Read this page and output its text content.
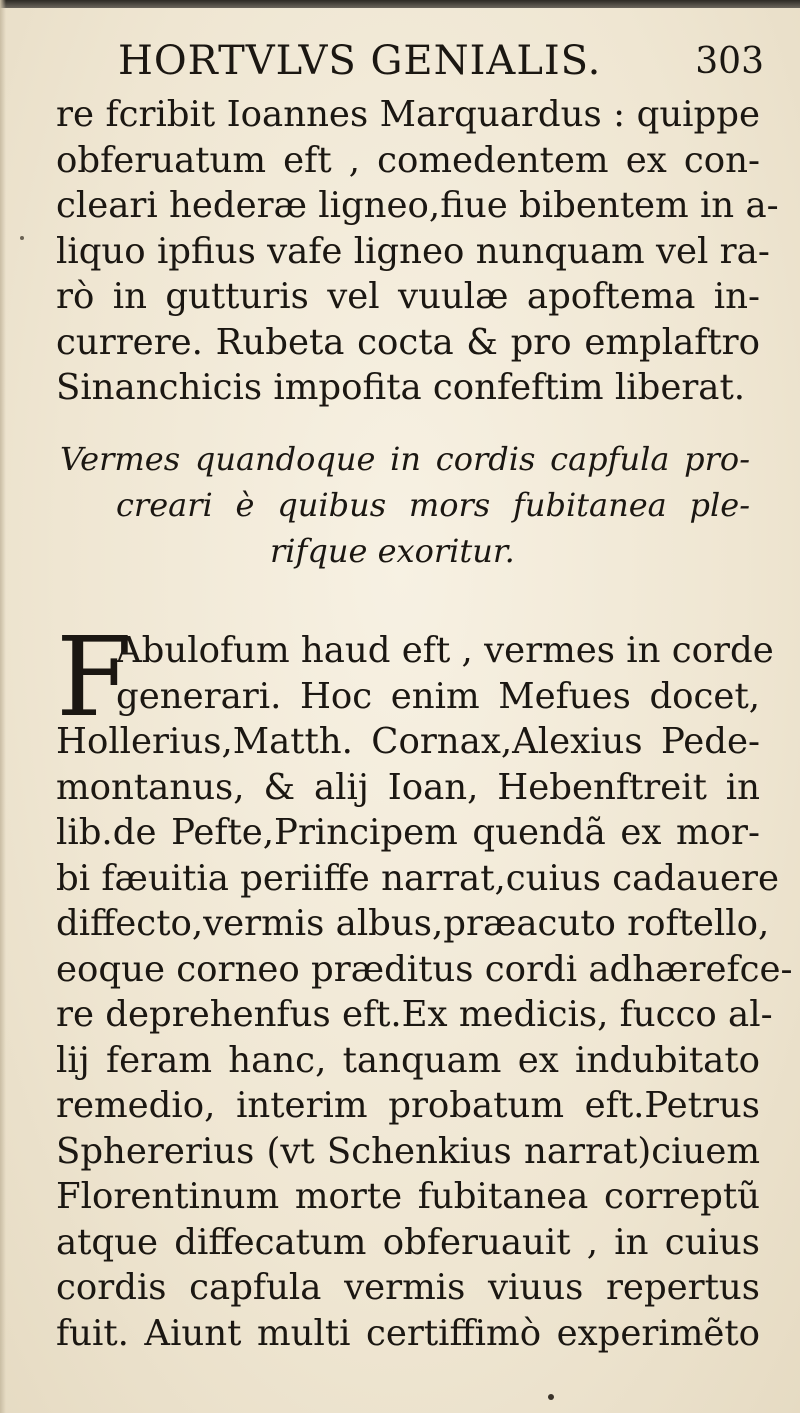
HORTVLVS GENIALIS.	303
re fcribit Ioannes Marquardus : quippe
obferuatum eft , comedentem ex con-
cleari hederæ ligneo,fiue bibentem in a-
liquo ipfius vafe ligneo nunquam vel ra-
rò in gutturis vel vuulæ apoftema in-
currere. Rubeta cocta & pro emplaftro
Sinanchicis impofita confeftim liberat.
Vermes quandoque in cordis capfula pro-
creari è quibus mors fubitanea ple-
rifque exoritur.
F
Abulofum haud eft , vermes in corde
generari. Hoc enim Mefues docet,
Hollerius,Matth. Cornax,Alexius Pede-
montanus, & alij Ioan, Hebenftreit in
lib.de Pefte,Principem quendã ex mor-
bi fæuitia periiffe narrat,cuius cadauere
diffecto,vermis albus,præacuto roftello,
eoque corneo præditus cordi adhærefce-
re deprehenfus eft.Ex medicis, fucco al-
lij feram hanc, tanquam ex indubitato
remedio, interim probatum eft.Petrus
Sphererius (vt Schenkius narrat)ciuem
Florentinum morte fubitanea correptũ
atque diffecatum obferuauit , in cuius
cordis capfula vermis viuus repertus
fuit. Aiunt multi certiffimò experimẽto
